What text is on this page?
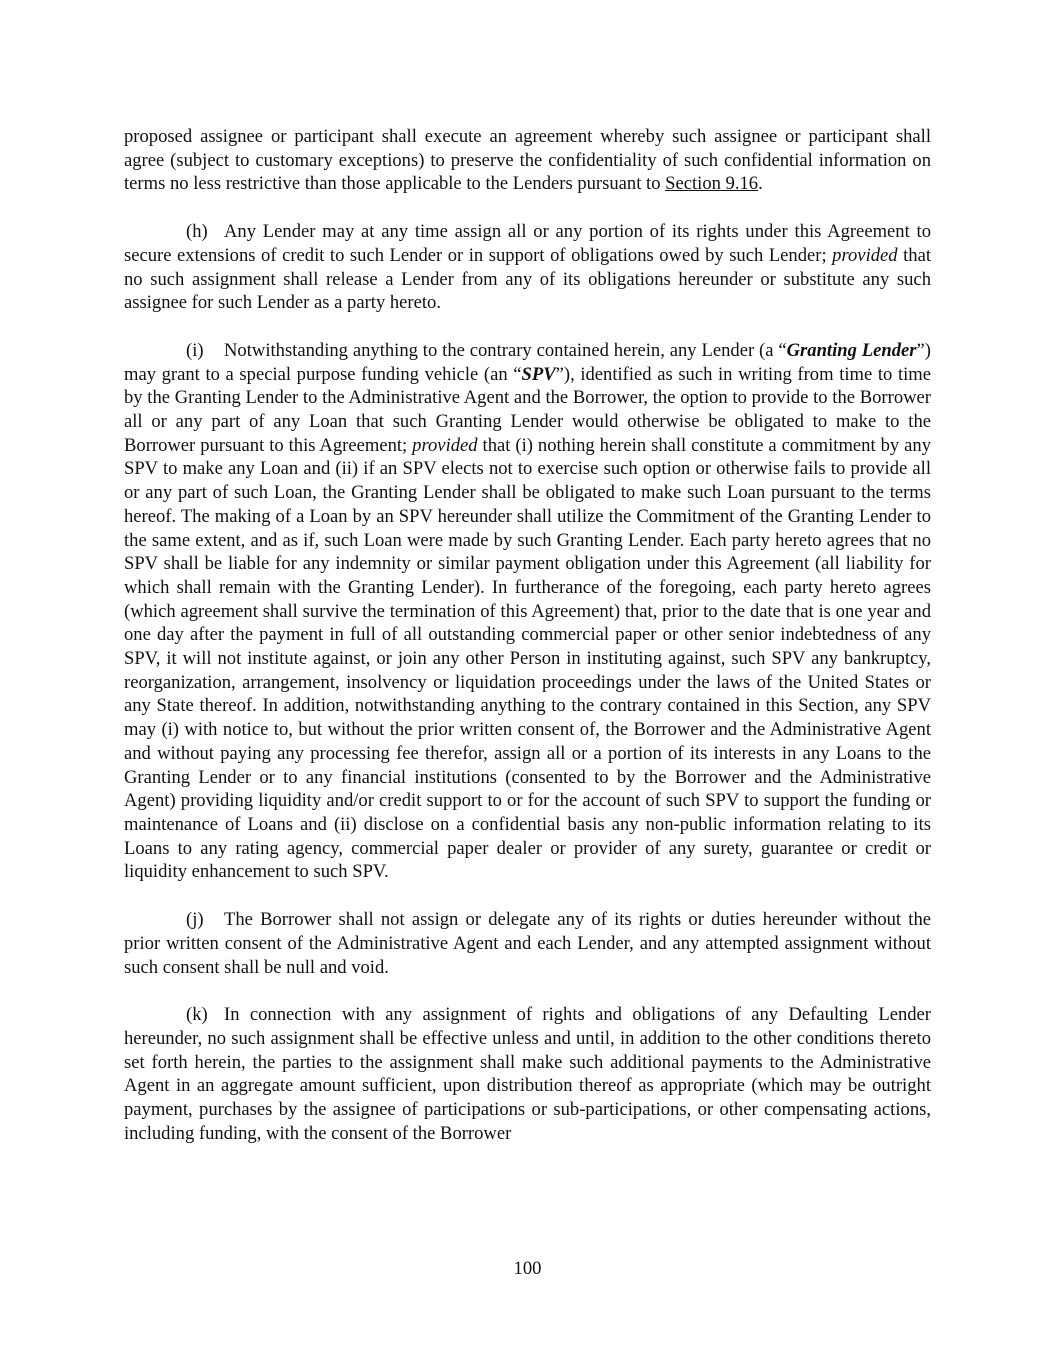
proposed assignee or participant shall execute an agreement whereby such assignee or participant shall agree (subject to customary exceptions) to preserve the confidentiality of such confidential information on terms no less restrictive than those applicable to the Lenders pursuant to Section 9.16.

(h) Any Lender may at any time assign all or any portion of its rights under this Agreement to secure extensions of credit to such Lender or in support of obligations owed by such Lender; provided that no such assignment shall release a Lender from any of its obligations hereunder or substitute any such assignee for such Lender as a party hereto.

(i) Notwithstanding anything to the contrary contained herein, any Lender (a “Granting Lender”) may grant to a special purpose funding vehicle (an “SPV”), identified as such in writing from time to time by the Granting Lender to the Administrative Agent and the Borrower, the option to provide to the Borrower all or any part of any Loan that such Granting Lender would otherwise be obligated to make to the Borrower pursuant to this Agreement; provided that (i) nothing herein shall constitute a commitment by any SPV to make any Loan and (ii) if an SPV elects not to exercise such option or otherwise fails to provide all or any part of such Loan, the Granting Lender shall be obligated to make such Loan pursuant to the terms hereof. The making of a Loan by an SPV hereunder shall utilize the Commitment of the Granting Lender to the same extent, and as if, such Loan were made by such Granting Lender. Each party hereto agrees that no SPV shall be liable for any indemnity or similar payment obligation under this Agreement (all liability for which shall remain with the Granting Lender). In furtherance of the foregoing, each party hereto agrees (which agreement shall survive the termination of this Agreement) that, prior to the date that is one year and one day after the payment in full of all outstanding commercial paper or other senior indebtedness of any SPV, it will not institute against, or join any other Person in instituting against, such SPV any bankruptcy, reorganization, arrangement, insolvency or liquidation proceedings under the laws of the United States or any State thereof. In addition, notwithstanding anything to the contrary contained in this Section, any SPV may (i) with notice to, but without the prior written consent of, the Borrower and the Administrative Agent and without paying any processing fee therefor, assign all or a portion of its interests in any Loans to the Granting Lender or to any financial institutions (consented to by the Borrower and the Administrative Agent) providing liquidity and/or credit support to or for the account of such SPV to support the funding or maintenance of Loans and (ii) disclose on a confidential basis any non-public information relating to its Loans to any rating agency, commercial paper dealer or provider of any surety, guarantee or credit or liquidity enhancement to such SPV.

(j) The Borrower shall not assign or delegate any of its rights or duties hereunder without the prior written consent of the Administrative Agent and each Lender, and any attempted assignment without such consent shall be null and void.

(k) In connection with any assignment of rights and obligations of any Defaulting Lender hereunder, no such assignment shall be effective unless and until, in addition to the other conditions thereto set forth herein, the parties to the assignment shall make such additional payments to the Administrative Agent in an aggregate amount sufficient, upon distribution thereof as appropriate (which may be outright payment, purchases by the assignee of participations or sub-participations, or other compensating actions, including funding, with the consent of the Borrower

100
